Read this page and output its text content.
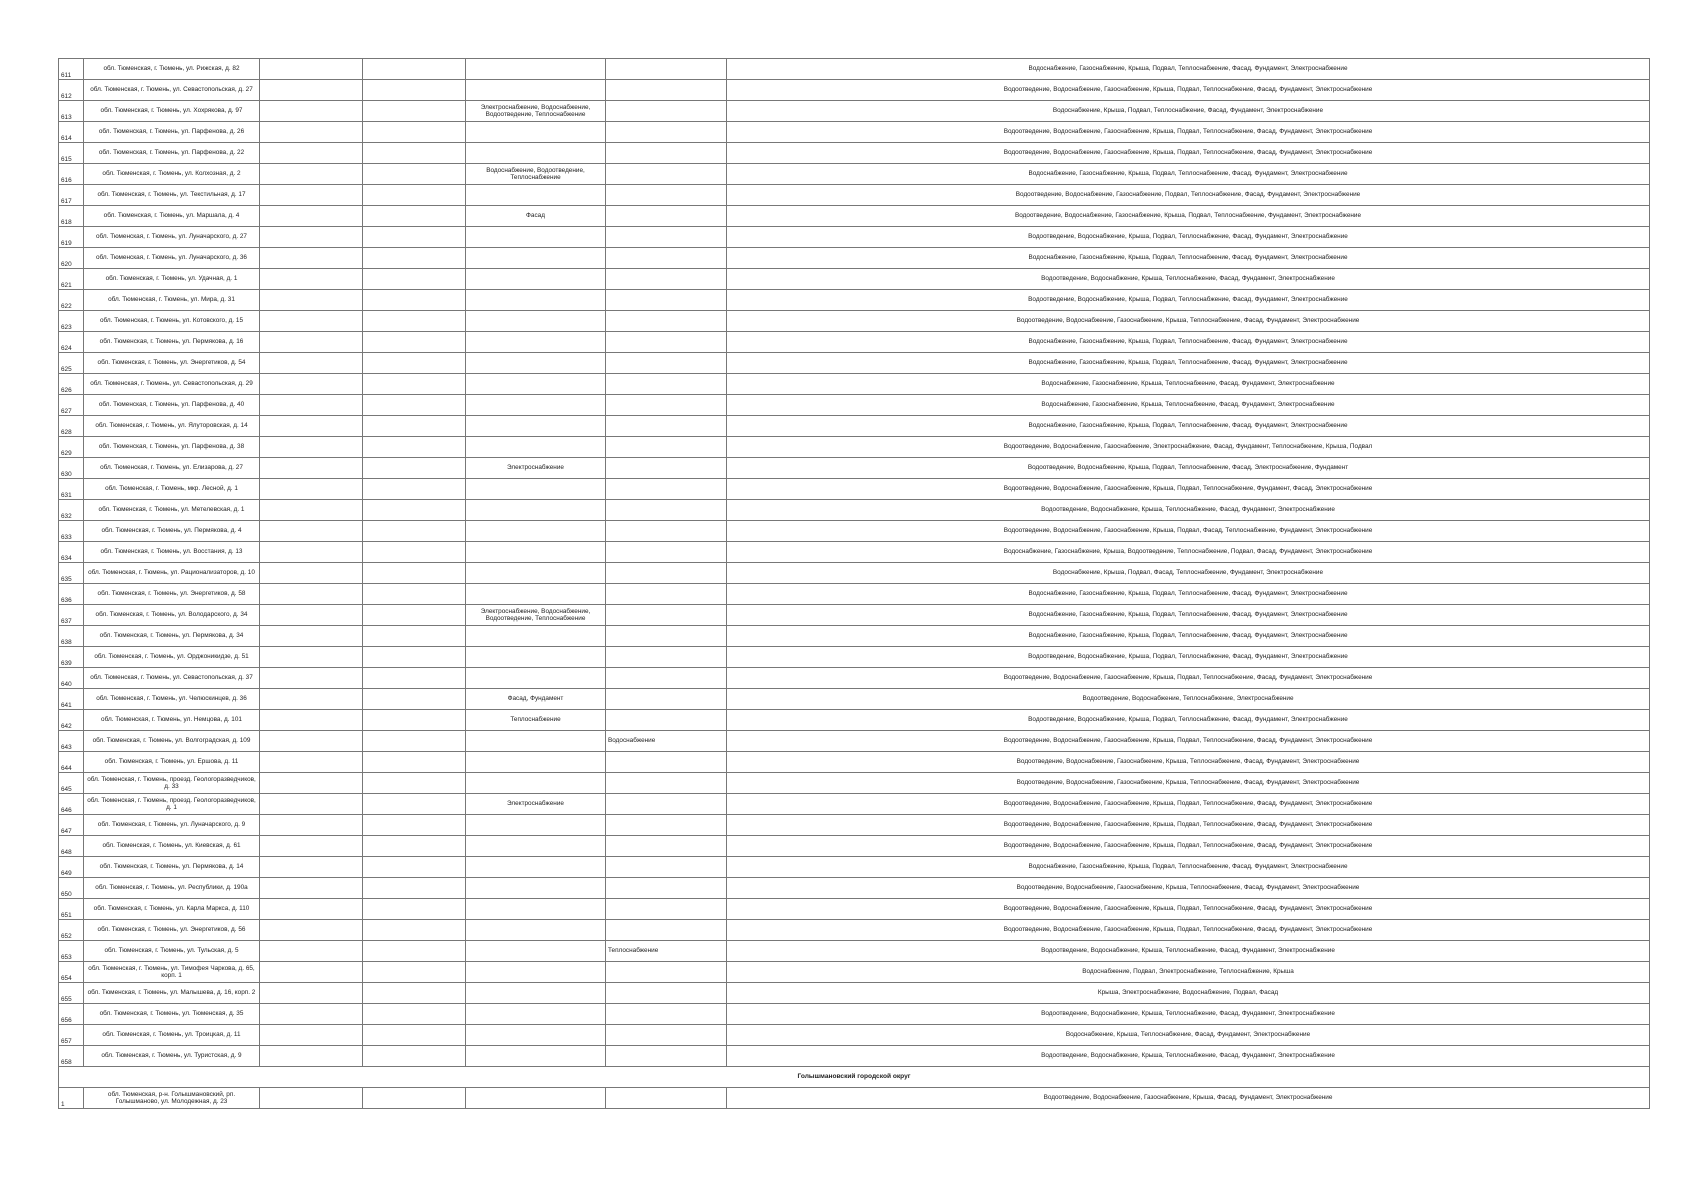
611	обл. Тюменская, г. Тюмень, ул. Рижская, д. 82					Водоснабжение, Газоснабжение, Крыша, Подвал, Теплоснабжение, Фасад, Фундамент, Электроснабжение
612	обл. Тюменская, г. Тюмень, ул. Севастопольская, д. 27					Водоотведение, Водоснабжение, Газоснабжение, Крыша, Подвал, Теплоснабжение, Фасад, Фундамент, Электроснабжение
613	обл. Тюменская, г. Тюмень, ул. Хохрякова, д. 97			Электроснабжение, Водоснабжение, Водоотведение, Теплоснабжение		Водоснабжение, Крыша, Подвал, Теплоснабжение, Фасад, Фундамент, Электроснабжение
614	обл. Тюменская, г. Тюмень, ул. Парфенова, д. 26					Водоотведение, Водоснабжение, Газоснабжение, Крыша, Подвал, Теплоснабжение, Фасад, Фундамент, Электроснабжение
615	обл. Тюменская, г. Тюмень, ул. Парфенова, д. 22					Водоотведение, Водоснабжение, Газоснабжение, Крыша, Подвал, Теплоснабжение, Фасад, Фундамент, Электроснабжение
616	обл. Тюменская, г. Тюмень, ул. Колхозная, д. 2			Водоснабжение, Водоотведение, Теплоснабжение		Водоснабжение, Газоснабжение, Крыша, Подвал, Теплоснабжение, Фасад, Фундамент, Электроснабжение
617	обл. Тюменская, г. Тюмень, ул. Текстильная, д. 17					Водоотведение, Водоснабжение, Газоснабжение, Подвал, Теплоснабжение, Фасад, Фундамент, Электроснабжение
618	обл. Тюменская, г. Тюмень, ул. Маршала, д. 4			Фасад		Водоотведение, Водоснабжение, Газоснабжение, Крыша, Подвал, Теплоснабжение, Фундамент, Электроснабжение
619	обл. Тюменская, г. Тюмень, ул. Луначарского, д. 27					Водоотведение, Водоснабжение, Крыша, Подвал, Теплоснабжение, Фасад, Фундамент, Электроснабжение
620	обл. Тюменская, г. Тюмень, ул. Луначарского, д. 36					Водоснабжение, Газоснабжение, Крыша, Подвал, Теплоснабжение, Фасад, Фундамент, Электроснабжение
621	обл. Тюменская, г. Тюмень, ул. Удачная, д. 1					Водоотведение, Водоснабжение, Крыша, Теплоснабжение, Фасад, Фундамент, Электроснабжение
622	обл. Тюменская, г. Тюмень, ул. Мира, д. 31					Водоотведение, Водоснабжение, Крыша, Подвал, Теплоснабжение, Фасад, Фундамент, Электроснабжение
623	обл. Тюменская, г. Тюмень, ул. Котовского, д. 15					Водоотведение, Водоснабжение, Газоснабжение, Крыша, Теплоснабжение, Фасад, Фундамент, Электроснабжение
624	обл. Тюменская, г. Тюмень, ул. Пермякова, д. 16					Водоснабжение, Газоснабжение, Крыша, Подвал, Теплоснабжение, Фасад, Фундамент, Электроснабжение
625	обл. Тюменская, г. Тюмень, ул. Энергетиков, д. 54					Водоснабжение, Газоснабжение, Крыша, Подвал, Теплоснабжение, Фасад, Фундамент, Электроснабжение
626	обл. Тюменская, г. Тюмень, ул. Севастопольская, д. 29					Водоснабжение, Газоснабжение, Крыша, Теплоснабжение, Фасад, Фундамент, Электроснабжение
627	обл. Тюменская, г. Тюмень, ул. Парфенова, д. 40					Водоснабжение, Газоснабжение, Крыша, Теплоснабжение, Фасад, Фундамент, Электроснабжение
628	обл. Тюменская, г. Тюмень, ул. Ялуторовская, д. 14					Водоснабжение, Газоснабжение, Крыша, Подвал, Теплоснабжение, Фасад, Фундамент, Электроснабжение
629	обл. Тюменская, г. Тюмень, ул. Парфенова, д. 38					Водоотведение, Водоснабжение, Газоснабжение, Электроснабжение, Фасад, Фундамент, Теплоснабжение, Крыша, Подвал
630	обл. Тюменская, г. Тюмень, ул. Елизарова, д. 27			Электроснабжение		Водоотведение, Водоснабжение, Крыша, Подвал, Теплоснабжение, Фасад, Электроснабжение, Фундамент
631	обл. Тюменская, г. Тюмень, мкр. Лесной, д. 1					Водоотведение, Водоснабжение, Газоснабжение, Крыша, Подвал, Теплоснабжение, Фундамент, Фасад, Электроснабжение
632	обл. Тюменская, г. Тюмень, ул. Метелевская, д. 1					Водоотведение, Водоснабжение, Крыша, Теплоснабжение, Фасад, Фундамент, Электроснабжение
633	обл. Тюменская, г. Тюмень, ул. Пермякова, д. 4					Водоотведение, Водоснабжение, Газоснабжение, Крыша, Подвал, Фасад, Теплоснабжение, Фундамент, Электроснабжение
634	обл. Тюменская, г. Тюмень, ул. Восстания, д. 13					Водоснабжение, Газоснабжение, Крыша, Водоотведение, Теплоснабжение, Подвал, Фасад, Фундамент, Электроснабжение
635	обл. Тюменская, г. Тюмень, ул. Рационализаторов, д. 10					Водоснабжение, Крыша, Подвал, Фасад, Теплоснабжение, Фундамент, Электроснабжение
636	обл. Тюменская, г. Тюмень, ул. Энергетиков, д. 58					Водоснабжение, Газоснабжение, Крыша, Подвал, Теплоснабжение, Фасад, Фундамент, Электроснабжение
637	обл. Тюменская, г. Тюмень, ул. Володарского, д. 34			Электроснабжение, Водоснабжение, Водоотведение, Теплоснабжение		Водоснабжение, Газоснабжение, Крыша, Подвал, Теплоснабжение, Фасад, Фундамент, Электроснабжение
638	обл. Тюменская, г. Тюмень, ул. Пермякова, д. 34					Водоснабжение, Газоснабжение, Крыша, Подвал, Теплоснабжение, Фасад, Фундамент, Электроснабжение
639	обл. Тюменская, г. Тюмень, ул. Орджоникидзе, д. 51					Водоотведение, Водоснабжение, Крыша, Подвал, Теплоснабжение, Фасад, Фундамент, Электроснабжение
640	обл. Тюменская, г. Тюмень, ул. Севастопольская, д. 37					Водоотведение, Водоснабжение, Газоснабжение, Крыша, Подвал, Теплоснабжение, Фасад, Фундамент, Электроснабжение
641	обл. Тюменская, г. Тюмень, ул. Челюскинцев, д. 36			Фасад, Фундамент		Водоотведение, Водоснабжение, Теплоснабжение, Электроснабжение
642	обл. Тюменская, г. Тюмень, ул. Немцова, д. 101			Теплоснабжение		Водоотведение, Водоснабжение, Крыша, Подвал, Теплоснабжение, Фасад, Фундамент, Электроснабжение
643	обл. Тюменская, г. Тюмень, ул. Волгоградская, д. 109				Водоснабжение	Водоотведение, Водоснабжение, Газоснабжение, Крыша, Подвал, Теплоснабжение, Фасад, Фундамент, Электроснабжение
644	обл. Тюменская, г. Тюмень, ул. Ершова, д. 11					Водоотведение, Водоснабжение, Газоснабжение, Крыша, Теплоснабжение, Фасад, Фундамент, Электроснабжение
645	обл. Тюменская, г. Тюмень, проезд. Геологоразведчиков, д. 33					Водоотведение, Водоснабжение, Газоснабжение, Крыша, Теплоснабжение, Фасад, Фундамент, Электроснабжение
646	обл. Тюменская, г. Тюмень, проезд. Геологоразведчиков, д. 1			Электроснабжение		Водоотведение, Водоснабжение, Газоснабжение, Крыша, Подвал, Теплоснабжение, Фасад, Фундамент, Электроснабжение
647	обл. Тюменская, г. Тюмень, ул. Луначарского, д. 9					Водоотведение, Водоснабжение, Газоснабжение, Крыша, Подвал, Теплоснабжение, Фасад, Фундамент, Электроснабжение
648	обл. Тюменская, г. Тюмень, ул. Киевская, д. 61					Водоотведение, Водоснабжение, Газоснабжение, Крыша, Подвал, Теплоснабжение, Фасад, Фундамент, Электроснабжение
649	обл. Тюменская, г. Тюмень, ул. Пермякова, д. 14					Водоснабжение, Газоснабжение, Крыша, Подвал, Теплоснабжение, Фасад, Фундамент, Электроснабжение
650	обл. Тюменская, г. Тюмень, ул. Республики, д. 190а					Водоотведение, Водоснабжение, Газоснабжение, Крыша, Теплоснабжение, Фасад, Фундамент, Электроснабжение
651	обл. Тюменская, г. Тюмень, ул. Карла Маркса, д. 110					Водоотведение, Водоснабжение, Газоснабжение, Крыша, Подвал, Теплоснабжение, Фасад, Фундамент, Электроснабжение
652	обл. Тюменская, г. Тюмень, ул. Энергетиков, д. 56					Водоотведение, Водоснабжение, Газоснабжение, Крыша, Подвал, Теплоснабжение, Фасад, Фундамент, Электроснабжение
653	обл. Тюменская, г. Тюмень, ул. Тульская, д. 5				Теплоснабжение	Водоотведение, Водоснабжение, Крыша, Теплоснабжение, Фасад, Фундамент, Электроснабжение
654	обл. Тюменская, г. Тюмень, ул. Тимофея Чаркова, д. 65, корп. 1					Водоснабжение, Подвал, Электроснабжение, Теплоснабжение, Крыша
655	обл. Тюменская, г. Тюмень, ул. Малышева, д. 16, корп. 2					Крыша, Электроснабжение, Водоснабжение, Подвал, Фасад
656	обл. Тюменская, г. Тюмень, ул. Тюменская, д. 35					Водоотведение, Водоснабжение, Крыша, Теплоснабжение, Фасад, Фундамент, Электроснабжение
657	обл. Тюменская, г. Тюмень, ул. Троицкая, д. 11					Водоснабжение, Крыша, Теплоснабжение, Фасад, Фундамент, Электроснабжение
658	обл. Тюменская, г. Тюмень, ул. Туристская, д. 9					Водоотведение, Водоснабжение, Крыша, Теплоснабжение, Фасад, Фундамент, Электроснабжение
Голышмановский городской округ						
1	обл. Тюменская, р-н. Голышмановский, рп. Голышманово, ул. Молодежная, д. 23					Водоотведение, Водоснабжение, Газоснабжение, Крыша, Фасад, Фундамент, Электроснабжение
